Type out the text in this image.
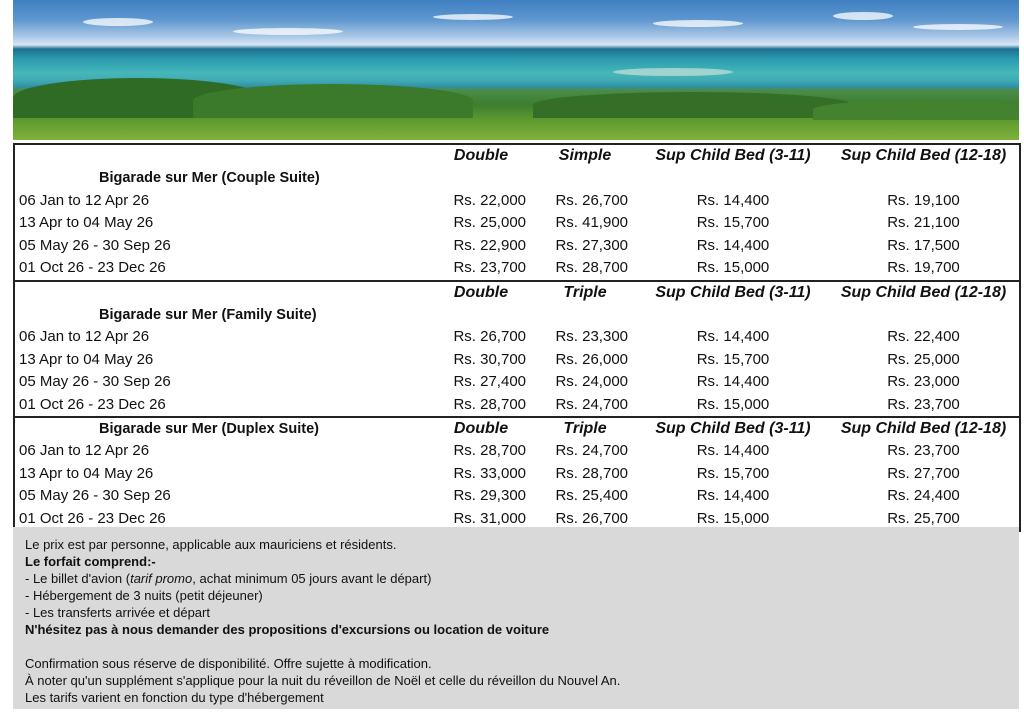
	Double	Simple	Sup Child Bed (3-11)	Sup Child Bed (12-18)
Bigarade sur Mer (Couple Suite)				
06 Jan to 12 Apr 26	Rs. 22,000	Rs. 26,700	Rs. 14,400	Rs. 19,100
13 Apr to 04 May 26	Rs. 25,000	Rs. 41,900	Rs. 15,700	Rs. 21,100
05 May 26 - 30 Sep 26	Rs. 22,900	Rs. 27,300	Rs. 14,400	Rs. 17,500
01 Oct 26 - 23 Dec 26	Rs. 23,700	Rs. 28,700	Rs. 15,000	Rs. 19,700
	Double	Triple	Sup Child Bed (3-11)	Sup Child Bed (12-18)
Bigarade sur Mer (Family Suite)				
06 Jan to 12 Apr 26	Rs. 26,700	Rs. 23,300	Rs. 14,400	Rs. 22,400
13 Apr to 04 May 26	Rs. 30,700	Rs. 26,000	Rs. 15,700	Rs. 25,000
05 May 26 - 30 Sep 26	Rs. 27,400	Rs. 24,000	Rs. 14,400	Rs. 23,000
01 Oct 26 - 23 Dec 26	Rs. 28,700	Rs. 24,700	Rs. 15,000	Rs. 23,700
Bigarade sur Mer (Duplex Suite)	Double	Triple	Sup Child Bed (3-11)	Sup Child Bed (12-18)
06 Jan to 12 Apr 26	Rs. 28,700	Rs. 24,700	Rs. 14,400	Rs. 23,700
13 Apr to 04 May 26	Rs. 33,000	Rs. 28,700	Rs. 15,700	Rs. 27,700
05 May 26 - 30 Sep 26	Rs. 29,300	Rs. 25,400	Rs. 14,400	Rs. 24,400
01 Oct 26 - 23 Dec 26	Rs. 31,000	Rs. 26,700	Rs. 15,000	Rs. 25,700
Le prix est par personne, applicable aux mauriciens et résidents.
Le forfait comprend:-
- Le billet d'avion (tarif promo, achat minimum 05 jours avant le départ)
- Hébergement de 3 nuits (petit déjeuner)
- Les transferts arrivée et départ
N'hésitez pas à nous demander des propositions d'excursions ou location de voiture
Confirmation sous réserve de disponibilité. Offre sujette à modification.
À noter qu'un supplément s'applique pour la nuit du réveillon de Noël et celle du réveillon du Nouvel An.
Les tarifs varient en fonction du type d'hébergement
